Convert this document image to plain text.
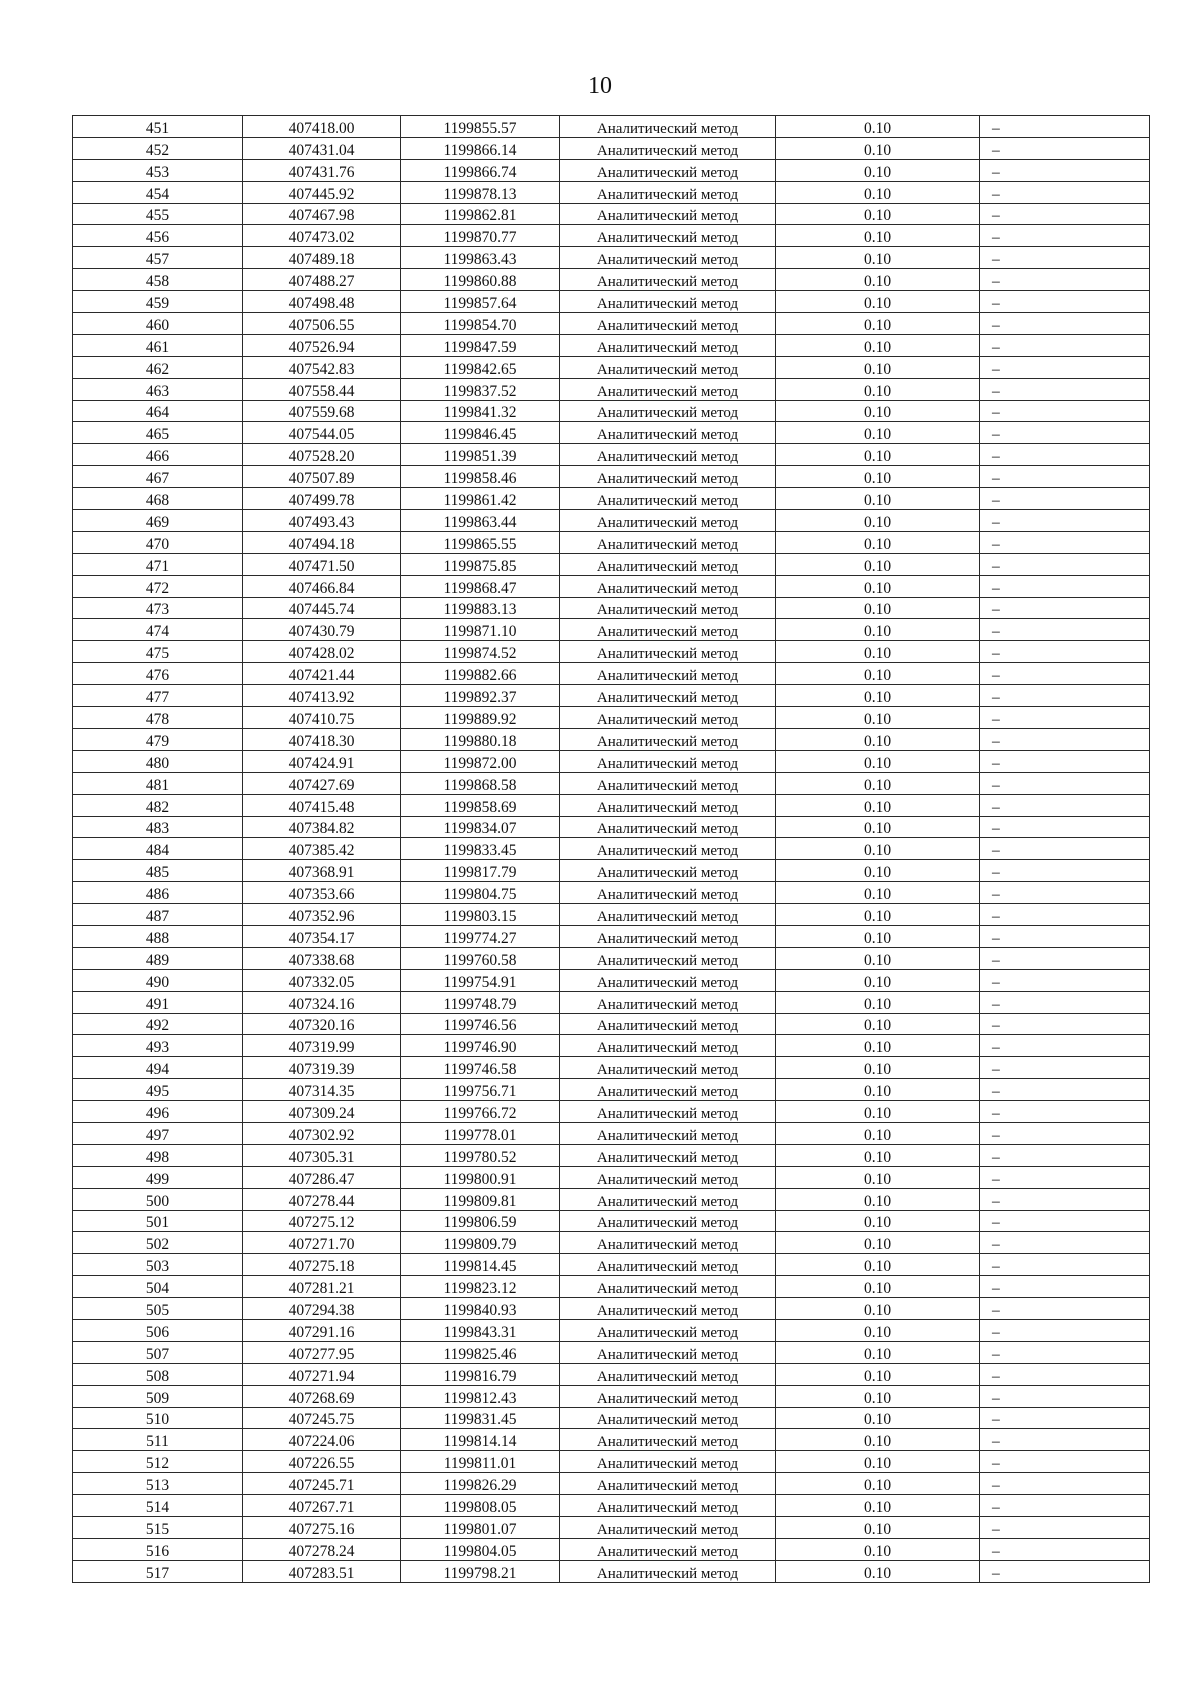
10
451	407418.00	1199855.57	Аналитический метод	0.10	–
452	407431.04	1199866.14	Аналитический метод	0.10	–
453	407431.76	1199866.74	Аналитический метод	0.10	–
454	407445.92	1199878.13	Аналитический метод	0.10	–
455	407467.98	1199862.81	Аналитический метод	0.10	–
456	407473.02	1199870.77	Аналитический метод	0.10	–
457	407489.18	1199863.43	Аналитический метод	0.10	–
458	407488.27	1199860.88	Аналитический метод	0.10	–
459	407498.48	1199857.64	Аналитический метод	0.10	–
460	407506.55	1199854.70	Аналитический метод	0.10	–
461	407526.94	1199847.59	Аналитический метод	0.10	–
462	407542.83	1199842.65	Аналитический метод	0.10	–
463	407558.44	1199837.52	Аналитический метод	0.10	–
464	407559.68	1199841.32	Аналитический метод	0.10	–
465	407544.05	1199846.45	Аналитический метод	0.10	–
466	407528.20	1199851.39	Аналитический метод	0.10	–
467	407507.89	1199858.46	Аналитический метод	0.10	–
468	407499.78	1199861.42	Аналитический метод	0.10	–
469	407493.43	1199863.44	Аналитический метод	0.10	–
470	407494.18	1199865.55	Аналитический метод	0.10	–
471	407471.50	1199875.85	Аналитический метод	0.10	–
472	407466.84	1199868.47	Аналитический метод	0.10	–
473	407445.74	1199883.13	Аналитический метод	0.10	–
474	407430.79	1199871.10	Аналитический метод	0.10	–
475	407428.02	1199874.52	Аналитический метод	0.10	–
476	407421.44	1199882.66	Аналитический метод	0.10	–
477	407413.92	1199892.37	Аналитический метод	0.10	–
478	407410.75	1199889.92	Аналитический метод	0.10	–
479	407418.30	1199880.18	Аналитический метод	0.10	–
480	407424.91	1199872.00	Аналитический метод	0.10	–
481	407427.69	1199868.58	Аналитический метод	0.10	–
482	407415.48	1199858.69	Аналитический метод	0.10	–
483	407384.82	1199834.07	Аналитический метод	0.10	–
484	407385.42	1199833.45	Аналитический метод	0.10	–
485	407368.91	1199817.79	Аналитический метод	0.10	–
486	407353.66	1199804.75	Аналитический метод	0.10	–
487	407352.96	1199803.15	Аналитический метод	0.10	–
488	407354.17	1199774.27	Аналитический метод	0.10	–
489	407338.68	1199760.58	Аналитический метод	0.10	–
490	407332.05	1199754.91	Аналитический метод	0.10	–
491	407324.16	1199748.79	Аналитический метод	0.10	–
492	407320.16	1199746.56	Аналитический метод	0.10	–
493	407319.99	1199746.90	Аналитический метод	0.10	–
494	407319.39	1199746.58	Аналитический метод	0.10	–
495	407314.35	1199756.71	Аналитический метод	0.10	–
496	407309.24	1199766.72	Аналитический метод	0.10	–
497	407302.92	1199778.01	Аналитический метод	0.10	–
498	407305.31	1199780.52	Аналитический метод	0.10	–
499	407286.47	1199800.91	Аналитический метод	0.10	–
500	407278.44	1199809.81	Аналитический метод	0.10	–
501	407275.12	1199806.59	Аналитический метод	0.10	–
502	407271.70	1199809.79	Аналитический метод	0.10	–
503	407275.18	1199814.45	Аналитический метод	0.10	–
504	407281.21	1199823.12	Аналитический метод	0.10	–
505	407294.38	1199840.93	Аналитический метод	0.10	–
506	407291.16	1199843.31	Аналитический метод	0.10	–
507	407277.95	1199825.46	Аналитический метод	0.10	–
508	407271.94	1199816.79	Аналитический метод	0.10	–
509	407268.69	1199812.43	Аналитический метод	0.10	–
510	407245.75	1199831.45	Аналитический метод	0.10	–
511	407224.06	1199814.14	Аналитический метод	0.10	–
512	407226.55	1199811.01	Аналитический метод	0.10	–
513	407245.71	1199826.29	Аналитический метод	0.10	–
514	407267.71	1199808.05	Аналитический метод	0.10	–
515	407275.16	1199801.07	Аналитический метод	0.10	–
516	407278.24	1199804.05	Аналитический метод	0.10	–
517	407283.51	1199798.21	Аналитический метод	0.10	–
